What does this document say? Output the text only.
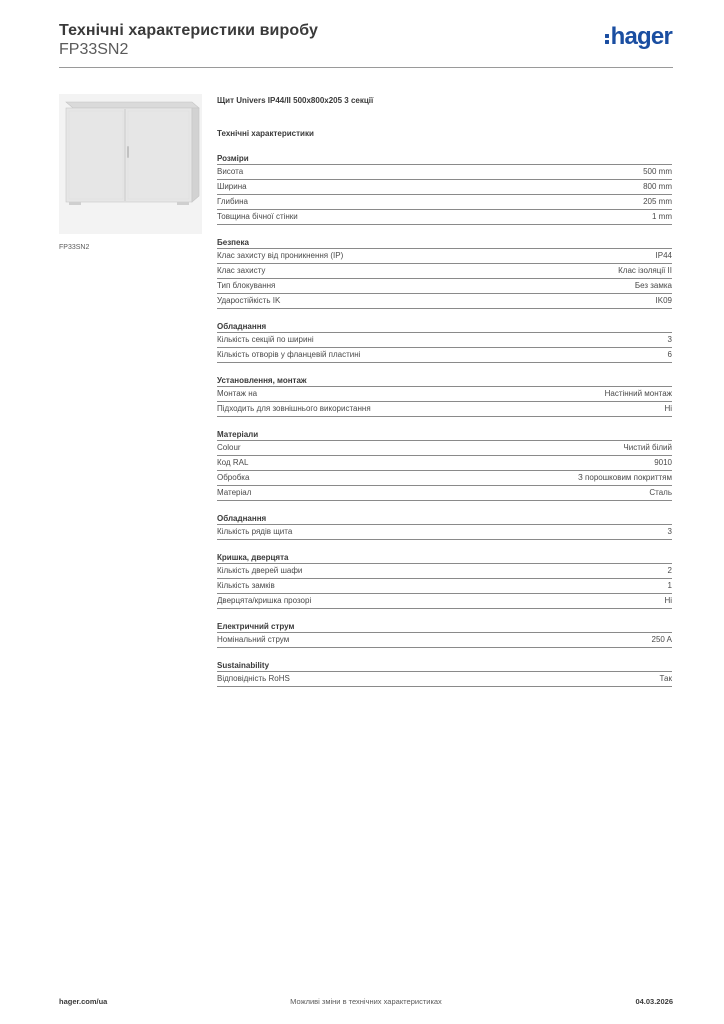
Технічні характеристики виробу
FP33SN2	hager
FP33SN2
Щит Univers IP44/II 500x800x205 3 секції
Технічні характеристики
Розміри
Висота	500 mm
Ширина	800 mm
Глибина	205 mm
Товщина бічної стінки	1 mm
Безпека
Клас захисту від проникнення (IP)	IP44
Клас захисту	Клас ізоляції II
Тип блокування	Без замка
Ударостійкість IK	IK09
Обладнання
Кількість секцій по ширині	3
Кількість отворів у фланцевій пластині	6
Установлення, монтаж
Монтаж на	Настінний монтаж
Підходить для зовнішнього використання	Hi
Матеріали
Colour	Чистий білий
Код RAL	9010
Обробка	З порошковим покриттям
Матеріал	Сталь
Обладнання
Кількість рядів щита	3
Кришка, дверцята
Кількість дверей шафи	2
Кількість замків	1
Дверцята/кришка прозорі	Hi
Електричний струм
Номінальний струм	250 A
Sustainability
Відповідність RoHS	Так
Можливі зміни в технічних характеристиках
hager.com/ua	04.03.2026
